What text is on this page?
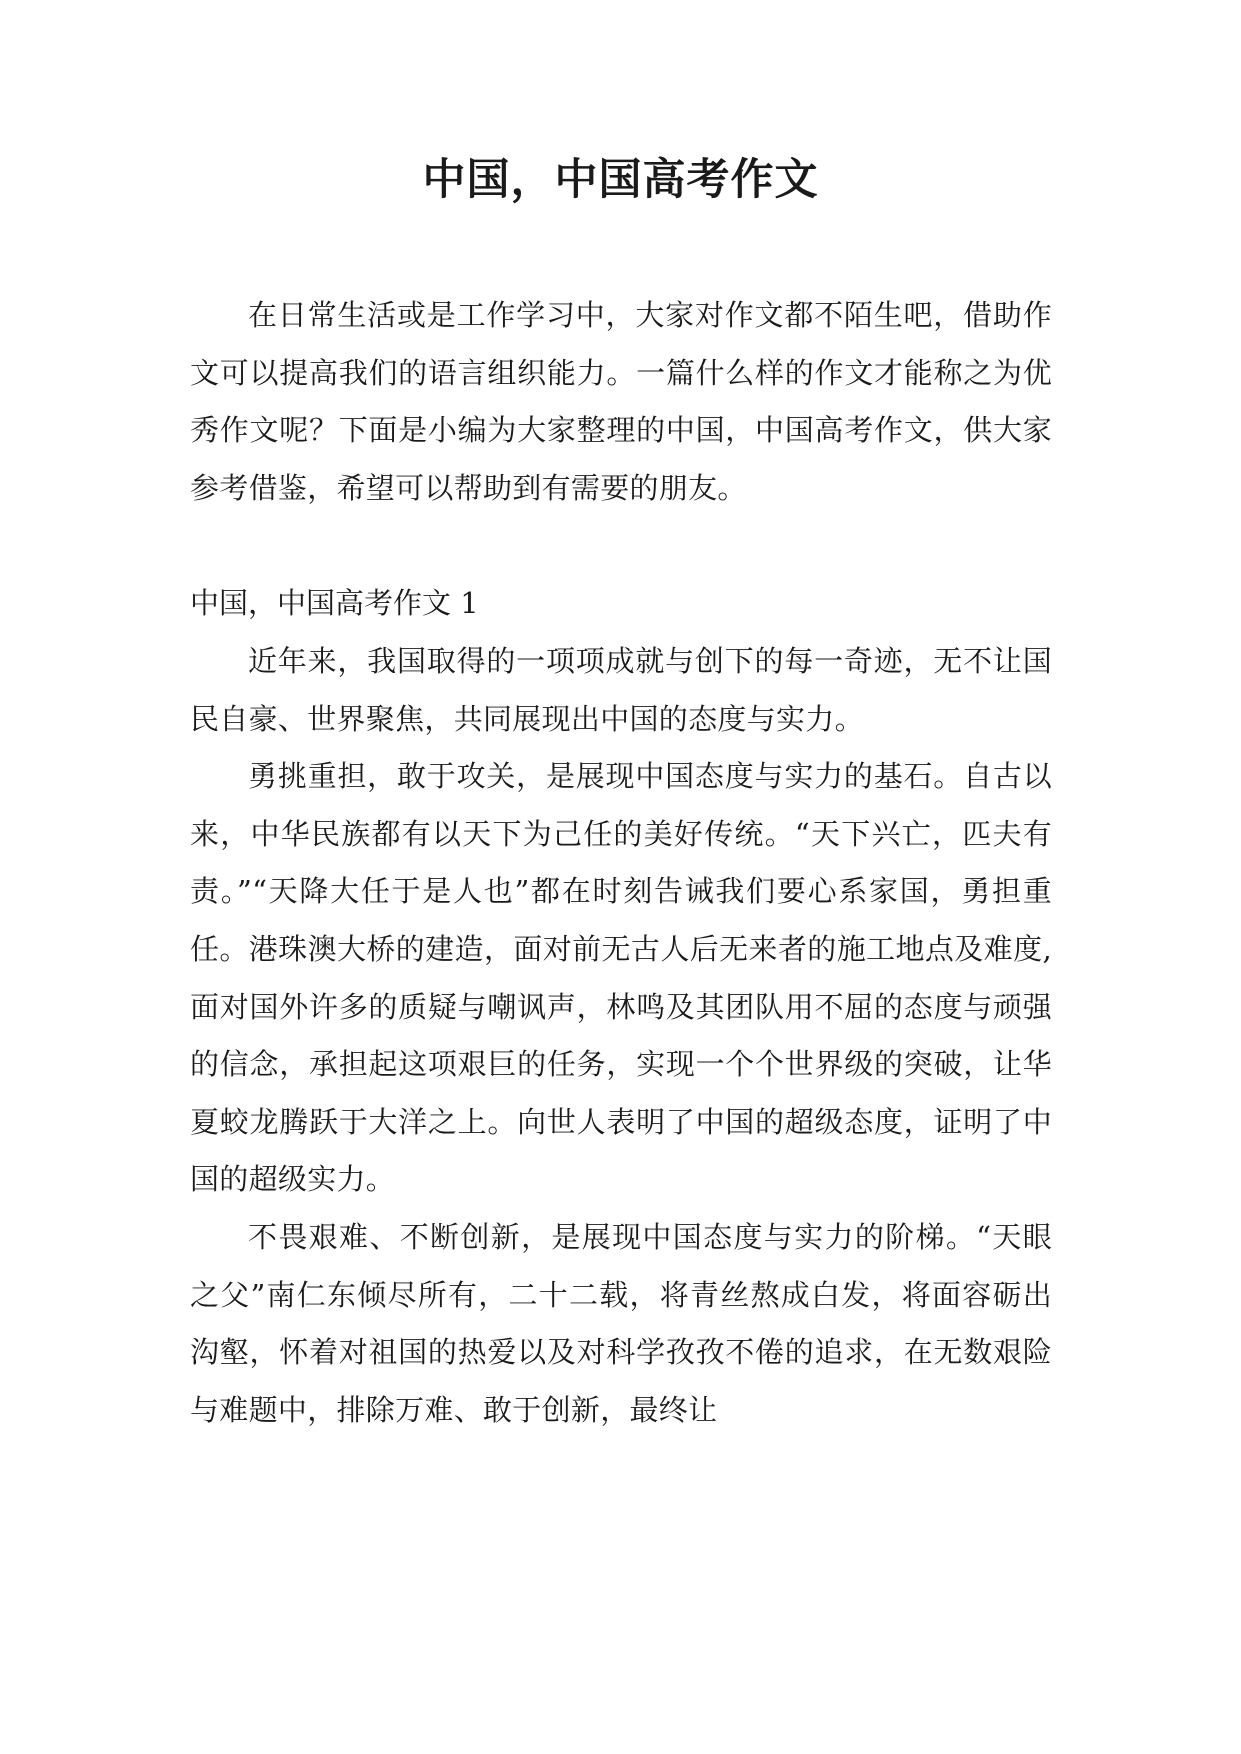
中国，中国高考作文

在日常生活或是工作学习中，大家对作文都不陌生吧，借助作文可以提高我们的语言组织能力。一篇什么样的作文才能称之为优秀作文呢？下面是小编为大家整理的中国，中国高考作文，供大家参考借鉴，希望可以帮助到有需要的朋友。

中国，中国高考作文 1

近年来，我国取得的一项项成就与创下的每一奇迹，无不让国民自豪、世界聚焦，共同展现出中国的态度与实力。

勇挑重担，敢于攻关，是展现中国态度与实力的基石。自古以来，中华民族都有以天下为己任的美好传统。“天下兴亡，匹夫有责。”“天降大任于是人也”都在时刻告诫我们要心系家国，勇担重任。港珠澳大桥的建造，面对前无古人后无来者的施工地点及难度,面对国外许多的质疑与嘲讽声，林鸣及其团队用不屈的态度与顽强的信念，承担起这项艰巨的任务，实现一个个世界级的突破，让华夏蛟龙腾跃于大洋之上。向世人表明了中国的超级态度，证明了中国的超级实力。

不畏艰难、不断创新，是展现中国态度与实力的阶梯。“天眼之父”南仁东倾尽所有，二十二载，将青丝熬成白发，将面容砺出沟壑，怀着对祖国的热爱以及对科学孜孜不倦的追求，在无数艰险与难题中，排除万难、敢于创新，最终让
